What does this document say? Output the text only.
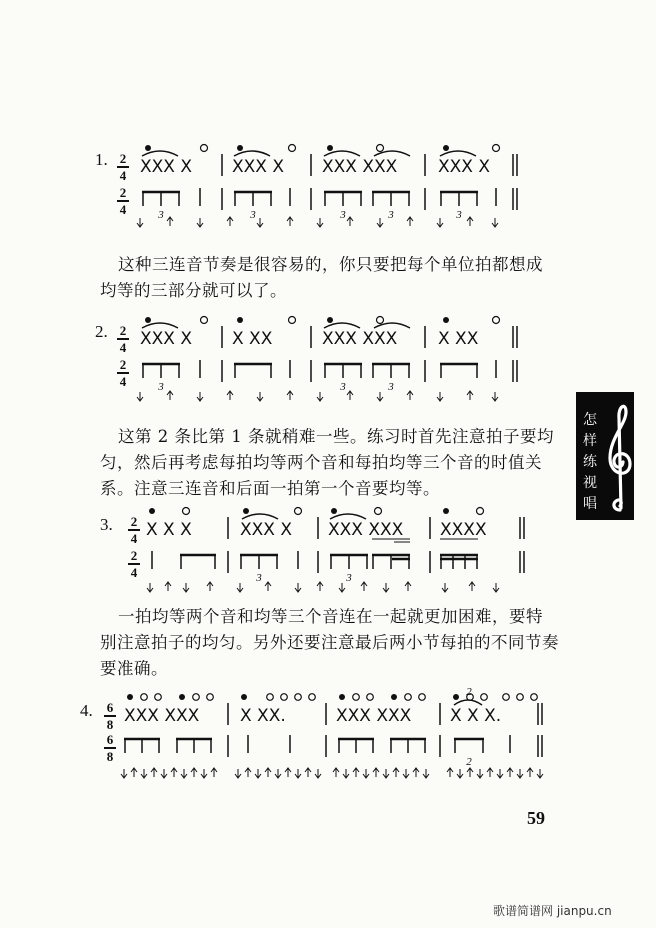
1. 2
4
2
4
XXX X XXX X XXX XXX XXX X
3	3	3	3	3

这种三连音节奏是很容易的，你只要把每个单位拍都想成

均等的三部分就可以了。
2. 2
4
2
4
XXX X X XX	XXX XXX X XX
3	3	3

这第 2 条比第 1 条就稍难一些。练习时首先注意拍子要均

匀，然后再考虑每拍均等两个音和每拍均等三个音的时值关
系。注意三连音和后面一拍第一个音要均等。
3. 2
4
2
4
X X X	XXX X XXX XXX XXXX
3	3

一拍均等两个音和均等三个音连在一起就更加困难，要特

别注意拍子的均匀。另外还要注意最后两小节每拍的不同节奏
要准确。
4. 6
8
6
8
XXX XXX X XX.	XXX XXX X X X.
2
2
怎
样
练
视
唱
59
歌谱简谱网 jianpu.cn
